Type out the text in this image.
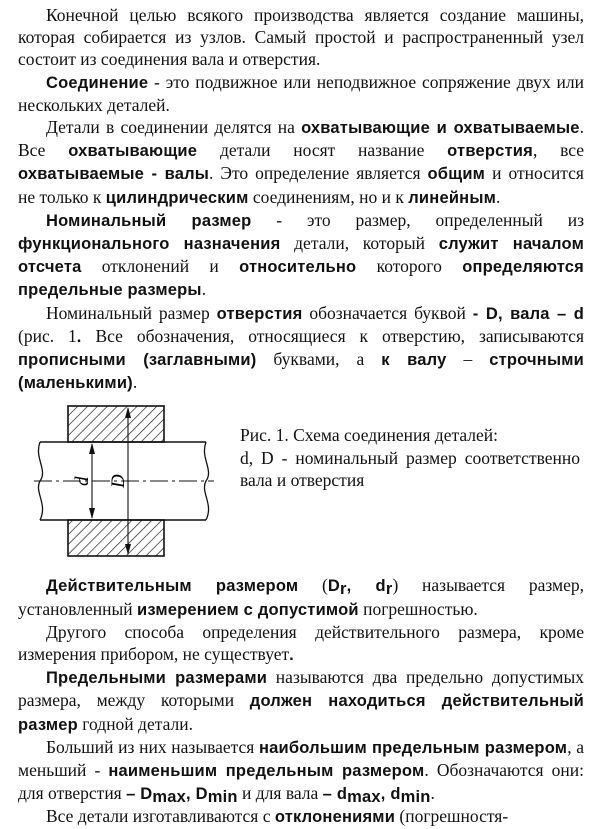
Конечной целью всякого производства является создание машины, которая собирается из узлов. Самый простой и распространенный узел состоит из соединения вала и отверстия.

Соединение - это подвижное или неподвижное сопряжение двух или нескольких деталей.

Детали в соединении делятся на охватывающие и охватываемые. Все охватывающие детали носят название отверстия, все охватываемые - валы. Это определение является общим и относится не только к цилиндрическим соединениям, но и к линейным.

Номинальный размер - это размер, определенный из функционального назначения детали, который служит началом отсчета отклонений и относительно которого определяются предельные размеры.

Номинальный размер отверстия обозначается буквой - D, вала – d (рис. 1. Все обозначения, относящиеся к отверстию, записываются прописными (заглавными) буквами, а к валу – строчными (маленькими).

d D
Рис. 1. Схема соединения деталей:
d, D - номинальный размер соответственно вала и отверстия

Действительным размером ($D_r$, $d_r$) называется размер, установленный измерением с допустимой погрешностью.

Другого способа определения действительного размера, кроме измерения прибором, не существует.

Предельными размерами называются два предельно допустимых размера, между которыми должен находиться действительный размер годной детали.

Больший из них называется наибольшим предельным размером, а меньший - наименьшим предельным размером. Обозначаются они: для отверстия – $D_{max}$, $D_{min}$ и для вала – $d_{max}$, $d_{min}$.

Все детали изготавливаются с отклонениями (погрешностя-
